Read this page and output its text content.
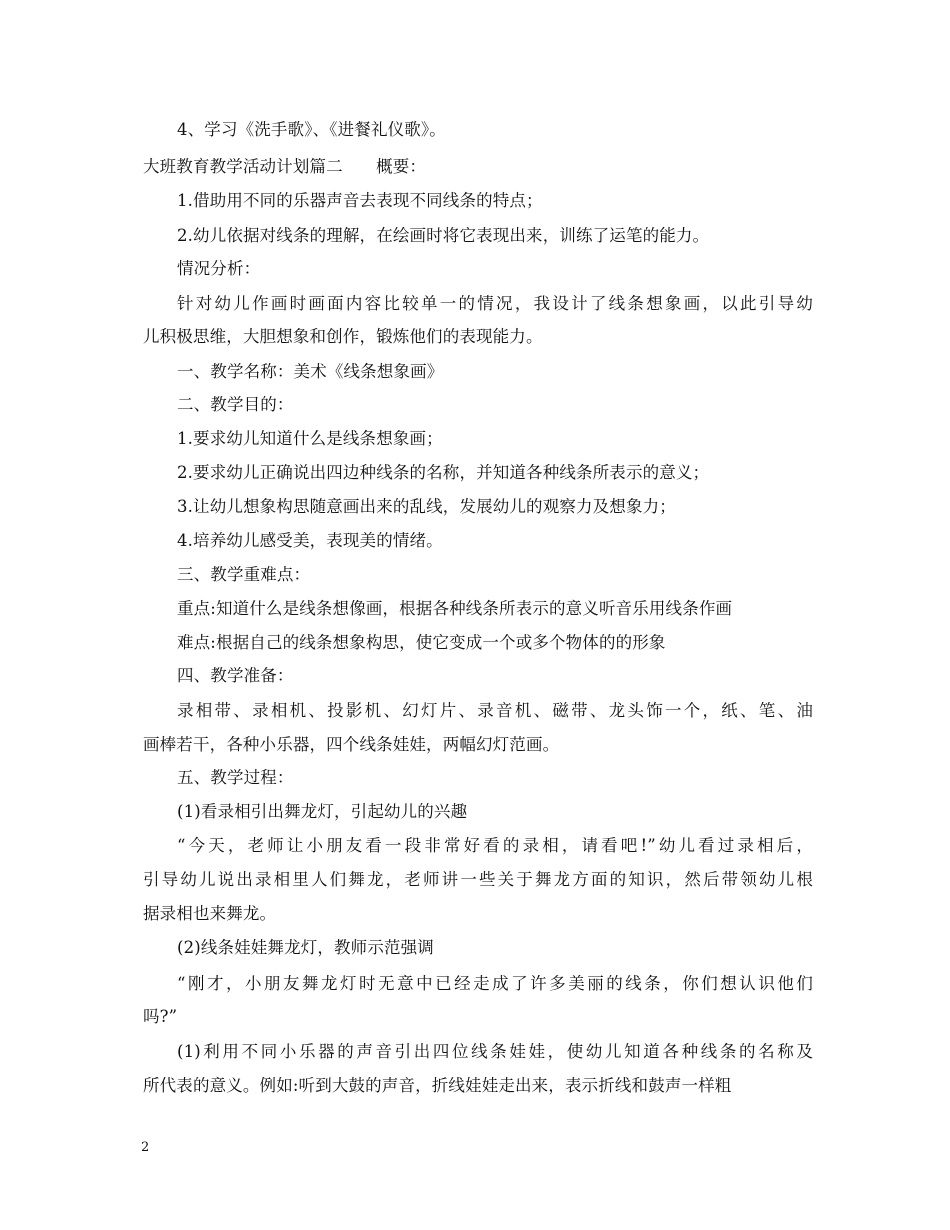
4、学习《洗手歌》、《进餐礼仪歌》。
大班教育教学活动计划篇二　　概要：
1.借助用不同的乐器声音去表现不同线条的特点；
2.幼儿依据对线条的理解，在绘画时将它表现出来，训练了运笔的能力。
情况分析：
针对幼儿作画时画面内容比较单一的情况，我设计了线条想象画，以此引导幼
儿积极思维，大胆想象和创作，锻炼他们的表现能力。
一、教学名称：美术《线条想象画》
二、教学目的：
1.要求幼儿知道什么是线条想象画；
2.要求幼儿正确说出四边种线条的名称，并知道各种线条所表示的意义；
3.让幼儿想象构思随意画出来的乱线，发展幼儿的观察力及想象力；
4.培养幼儿感受美，表现美的情绪。
三、教学重难点：
重点:知道什么是线条想像画，根据各种线条所表示的意义听音乐用线条作画
难点:根据自己的线条想象构思，使它变成一个或多个物体的的形象
四、教学准备：
录相带、录相机、投影机、幻灯片、录音机、磁带、龙头饰一个，纸、笔、油
画棒若干，各种小乐器，四个线条娃娃，两幅幻灯范画。
五、教学过程：
(1)看录相引出舞龙灯，引起幼儿的兴趣
“今天，老师让小朋友看一段非常好看的录相，请看吧!”幼儿看过录相后，
引导幼儿说出录相里人们舞龙，老师讲一些关于舞龙方面的知识，然后带领幼儿根
据录相也来舞龙。
(2)线条娃娃舞龙灯，教师示范强调
“刚才，小朋友舞龙灯时无意中已经走成了许多美丽的线条，你们想认识他们
吗?”
(1)利用不同小乐器的声音引出四位线条娃娃，使幼儿知道各种线条的名称及
所代表的意义。例如:听到大鼓的声音，折线娃娃走出来，表示折线和鼓声一样粗
2
